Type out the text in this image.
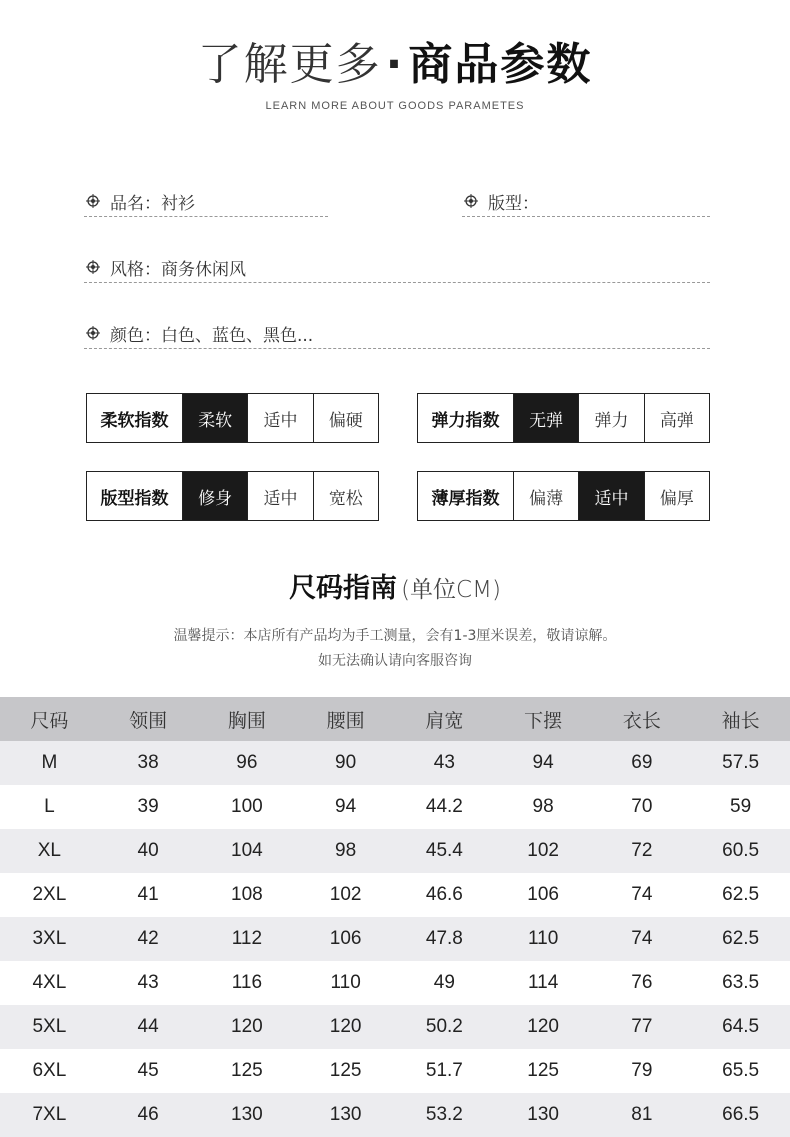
了解更多·商品参数
LEARN MORE ABOUT GOODS PARAMETES
品名：衬衫	版型：
风格：商务休闲风
颜色：白色、蓝色、黑色...
柔软指数	柔软	适中	偏硬	弹力指数	无弹	弹力	高弹
版型指数	修身	适中	宽松	薄厚指数	偏薄	适中	偏厚
尺码指南 (单位CM)
温馨提示：本店所有产品均为手工测量，会有1-3厘米误差，敬请谅解。
如无法确认请向客服咨询
尺码	领围	胸围	腰围	肩宽	下摆	衣长	袖长
M	38	96	90	43	94	69	57.5
L	39	100	94	44.2	98	70	59
XL	40	104	98	45.4	102	72	60.5
2XL	41	108	102	46.6	106	74	62.5
3XL	42	112	106	47.8	110	74	62.5
4XL	43	116	110	49	114	76	63.5
5XL	44	120	120	50.2	120	77	64.5
6XL	45	125	125	51.7	125	79	65.5
7XL	46	130	130	53.2	130	81	66.5
